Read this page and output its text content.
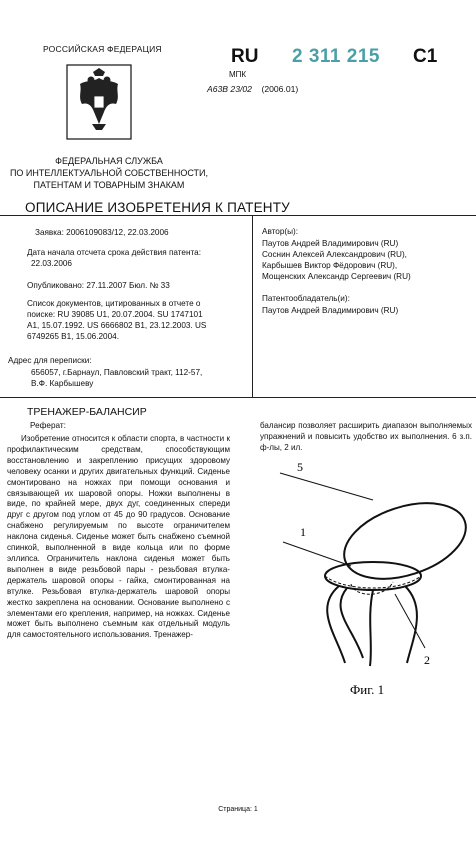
РОССИЙСКАЯ ФЕДЕРАЦИЯ
ФЕДЕРАЛЬНАЯ СЛУЖБА
ПО ИНТЕЛЛЕКТУАЛЬНОЙ СОБСТВЕННОСТИ,
ПАТЕНТАМ И ТОВАРНЫМ ЗНАКАМ
RU 2 311 215 C1
МПК
A63B 23/02 (2006.01)
ОПИСАНИЕ ИЗОБРЕТЕНИЯ К ПАТЕНТУ
Заявка: 2006109083/12, 22.03.2006
Дата начала отсчета срока действия патента:
22.03.2006
Опубликовано: 27.11.2007 Бюл. № 33
Список документов, цитированных в отчете о
поиске: RU 39085 U1, 20.07.2004. SU 1747101
A1, 15.07.1992. US 6666802 B1, 23.12.2003. US
6749265 B1, 15.06.2004.
Адрес для переписки:
656057, г.Барнаул, Павловский тракт, 112-57,
В.Ф. Карбышеву
Автор(ы):
Паутов Андрей Владимирович (RU)
Соснин Алексей Александрович (RU),
Карбышев Виктор Фёдорович (RU),
Мощенских Александр Сергеевич (RU)
Патентообладатель(и):
Паутов Андрей Владимирович (RU)
ТРЕНАЖЕР-БАЛАНСИР
Реферат:
Изобретение относится к области спорта, в частности к профилактическим средствам, способствующим восстановлению и закреплению присущих здоровому человеку осанки и других двигательных функций. Сиденье смонтировано на ножках при помощи основания и связывающей их шаровой опоры. Ножки выполнены в виде, по крайней мере, двух дуг, соединенных спереди друг с другом под углом от 45 до 90 градусов. Основание снабжено регулируемым по высоте ограничителем наклона сиденья. Сиденье может быть снабжено съемной спинкой, выполненной в виде кольца или по форме эллипса. Ограничитель наклона сиденья может быть выполнен в виде резьбовой пары - резьбовая втулка-держатель шаровой опоры - гайка, смонтированная на втулке. Резьбовая втулка-держатель шаровой опоры жестко закреплена на основании. Основание выполнено с элементами его крепления, например, на ножках. Сиденье может быть выполнено съемным как отдельный модуль для самостоятельного использования. Тренажер-
балансир позволяет расширить диапазон выполняемых упражнений и повысить удобство их выполнения. 6 з.п. ф-лы, 2 ил.
5
1
2
Фиг. 1
Страница: 1
